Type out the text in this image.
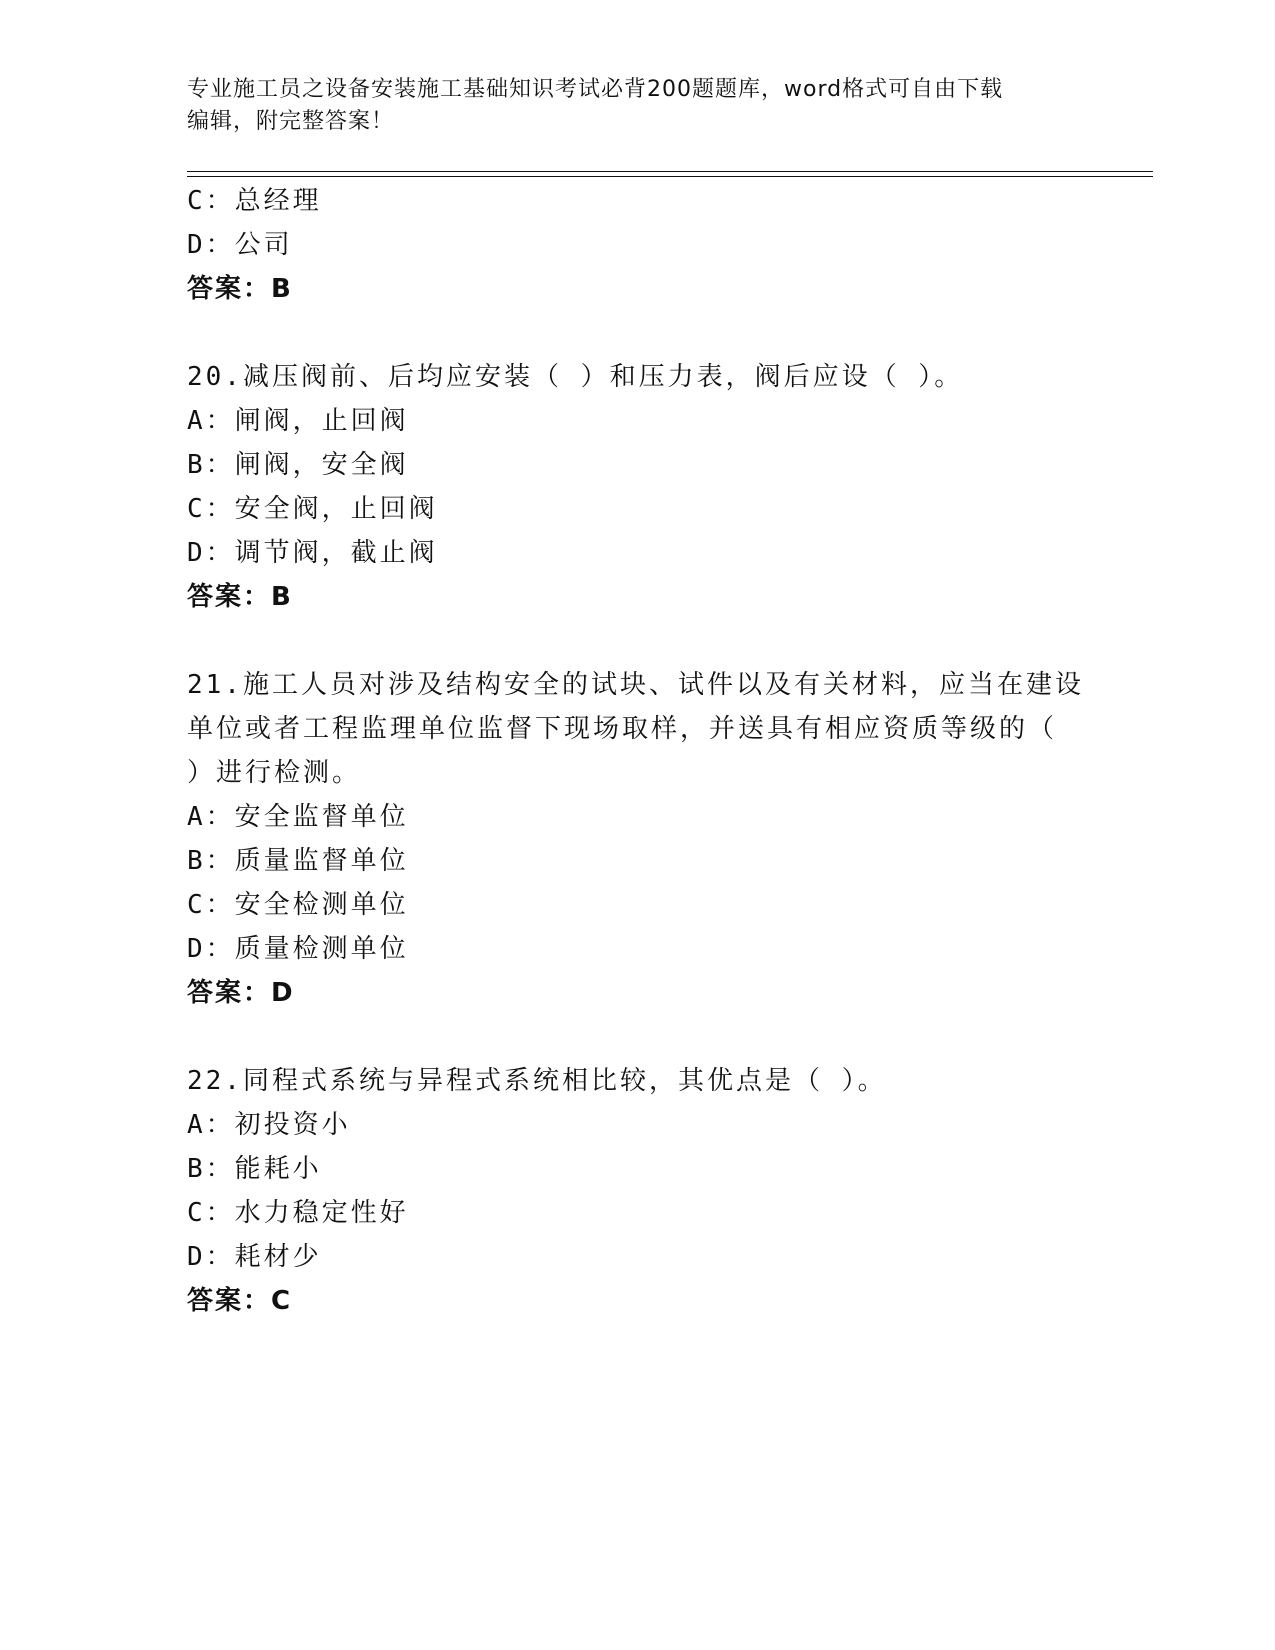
专业施工员之设备安装施工基础知识考试必背200题题库，word格式可自由下载
编辑，附完整答案！
C：总经理
D：公司
答案：B
20.减压阀前、后均应安装（ ）和压力表，阀后应设（ ）。
A：闸阀，止回阀
B：闸阀，安全阀
C：安全阀，止回阀
D：调节阀，截止阀
答案：B
21.施工人员对涉及结构安全的试块、试件以及有关材料，应当在建设
单位或者工程监理单位监督下现场取样，并送具有相应资质等级的（
）进行检测。
A：安全监督单位
B：质量监督单位
C：安全检测单位
D：质量检测单位
答案：D
22.同程式系统与异程式系统相比较，其优点是（ ）。
A：初投资小
B：能耗小
C：水力稳定性好
D：耗材少
答案：C
